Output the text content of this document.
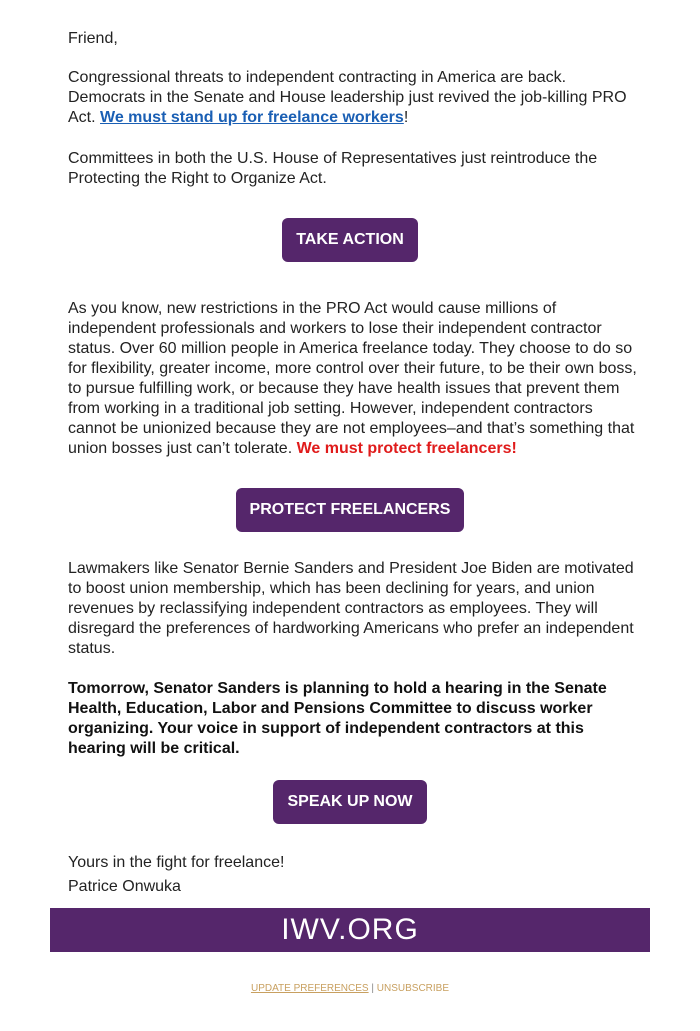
Friend,

Congressional threats to independent contracting in America are back. Democrats in the Senate and House leadership just revived the job-killing PRO Act. We must stand up for freelance workers!

Committees in both the U.S. House of Representatives just reintroduce the Protecting the Right to Organize Act.

As you know, new restrictions in the PRO Act would cause millions of independent professionals and workers to lose their independent contractor status. Over 60 million people in America freelance today. They choose to do so for flexibility, greater income, more control over their future, to be their own boss, to pursue fulfilling work, or because they have health issues that prevent them from working in a traditional job setting. However, independent contractors cannot be unionized because they are not employees–and that’s something that union bosses just can’t tolerate. We must protect freelancers!

Lawmakers like Senator Bernie Sanders and President Joe Biden are motivated to boost union membership, which has been declining for years, and union revenues by reclassifying independent contractors as employees. They will disregard the preferences of hardworking Americans who prefer an independent status.

Tomorrow, Senator Sanders is planning to hold a hearing in the Senate Health, Education, Labor and Pensions Committee to discuss worker organizing. Your voice in support of independent contractors at this hearing will be critical.

Yours in the fight for freelance!

Patrice Onwuka

TAKE ACTION
PROTECT FREELANCERS
SPEAK UP NOW
IWV.ORG
UPDATE PREFERENCES | UNSUBSCRIBE
